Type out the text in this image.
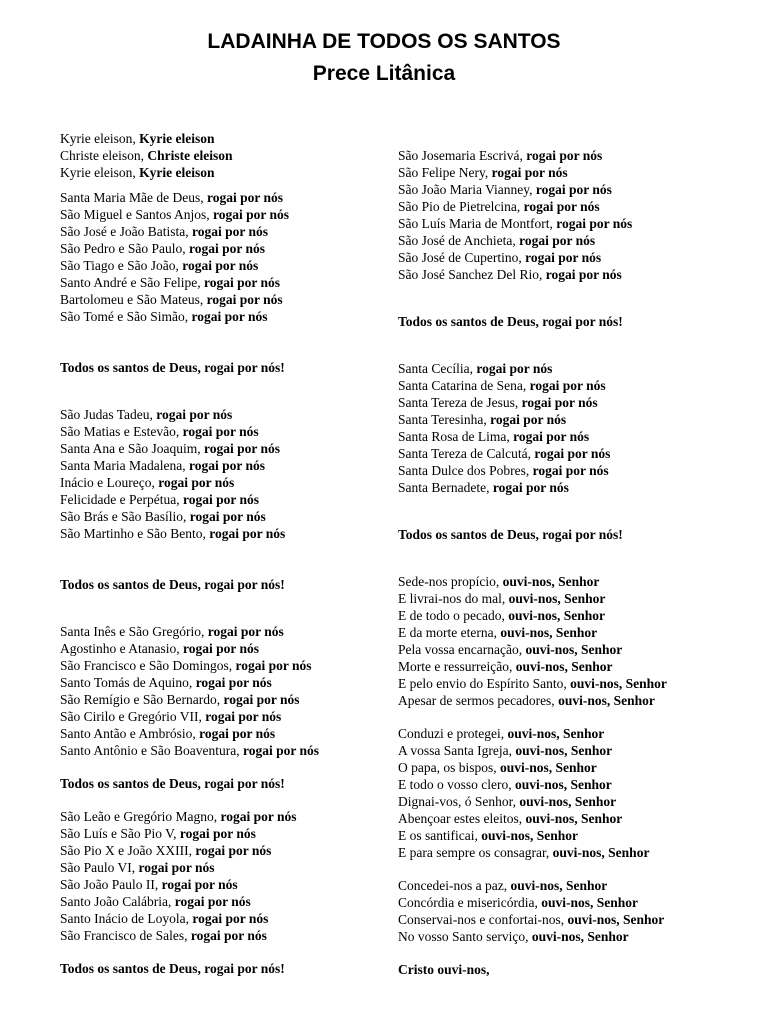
LADAINHA DE TODOS OS SANTOS
Prece Litânica
Kyrie eleison, Kyrie eleison
Christe eleison, Christe eleison
Kyrie eleison, Kyrie eleison
Santa Maria Mãe de Deus, rogai por nós
São Miguel e Santos Anjos, rogai por nós
São José e João Batista, rogai por nós
São Pedro e São Paulo, rogai por nós
São Tiago e São João, rogai por nós
Santo André e São Felipe, rogai por nós
Bartolomeu e São Mateus, rogai por nós
São Tomé e São Simão, rogai por nós
Todos os santos de Deus, rogai por nós!
São Judas Tadeu, rogai por nós
São Matias e Estevão, rogai por nós
Santa Ana e São Joaquim, rogai por nós
Santa Maria Madalena, rogai por nós
Inácio e Loureço, rogai por nós
Felicidade e Perpétua, rogai por nós
São Brás e São Basílio, rogai por nós
São Martinho e São Bento, rogai por nós
Todos os santos de Deus, rogai por nós!
Santa Inês e São Gregório, rogai por nós
Agostinho e Atanasio, rogai por nós
São Francisco e São Domingos, rogai por nós
Santo Tomás de Aquino, rogai por nós
São Remígio e São Bernardo, rogai por nós
São Cirilo e Gregório VII, rogai por nós
Santo Antão e Ambrósio, rogai por nós
Santo Antônio e São Boaventura, rogai por nós
Todos os santos de Deus, rogai por nós!
São Leão e Gregório Magno, rogai por nós
São Luís e São Pio V, rogai por nós
São Pio X e João XXIII, rogai por nós
São Paulo VI, rogai por nós
São João Paulo II, rogai por nós
Santo João Calábria, rogai por nós
Santo Inácio de Loyola, rogai por nós
São Francisco de Sales, rogai por nós
Todos os santos de Deus, rogai por nós!
São Josemaria Escrivá, rogai por nós
São Felipe Nery, rogai por nós
São João Maria Vianney, rogai por nós
São Pio de Pietrelcina, rogai por nós
São Luís Maria de Montfort, rogai por nós
São José de Anchieta, rogai por nós
São José de Cupertino, rogai por nós
São José Sanchez Del Rio, rogai por nós
Todos os santos de Deus, rogai por nós!
Santa Cecília, rogai por nós
Santa Catarina de Sena, rogai por nós
Santa Tereza de Jesus, rogai por nós
Santa Teresinha, rogai por nós
Santa Rosa de Lima, rogai por nós
Santa Tereza de Calcutá, rogai por nós
Santa Dulce dos Pobres, rogai por nós
Santa Bernadete, rogai por nós
Todos os santos de Deus, rogai por nós!
Sede-nos propício, ouvi-nos, Senhor
E livrai-nos do mal, ouvi-nos, Senhor
E de todo o pecado, ouvi-nos, Senhor
E da morte eterna, ouvi-nos, Senhor
Pela vossa encarnação, ouvi-nos, Senhor
Morte e ressurreição, ouvi-nos, Senhor
E pelo envio do Espírito Santo, ouvi-nos, Senhor
Apesar de sermos pecadores, ouvi-nos, Senhor
Conduzi e protegei, ouvi-nos, Senhor
A vossa Santa Igreja, ouvi-nos, Senhor
O papa, os bispos, ouvi-nos, Senhor
E todo o vosso clero, ouvi-nos, Senhor
Dignai-vos, ó Senhor, ouvi-nos, Senhor
Abençoar estes eleitos, ouvi-nos, Senhor
E os santificai, ouvi-nos, Senhor
E para sempre os consagrar, ouvi-nos, Senhor
Concedei-nos a paz, ouvi-nos, Senhor
Concórdia e misericórdia, ouvi-nos, Senhor
Conservai-nos e confortai-nos, ouvi-nos, Senhor
No vosso Santo serviço, ouvi-nos, Senhor
Cristo ouvi-nos,
